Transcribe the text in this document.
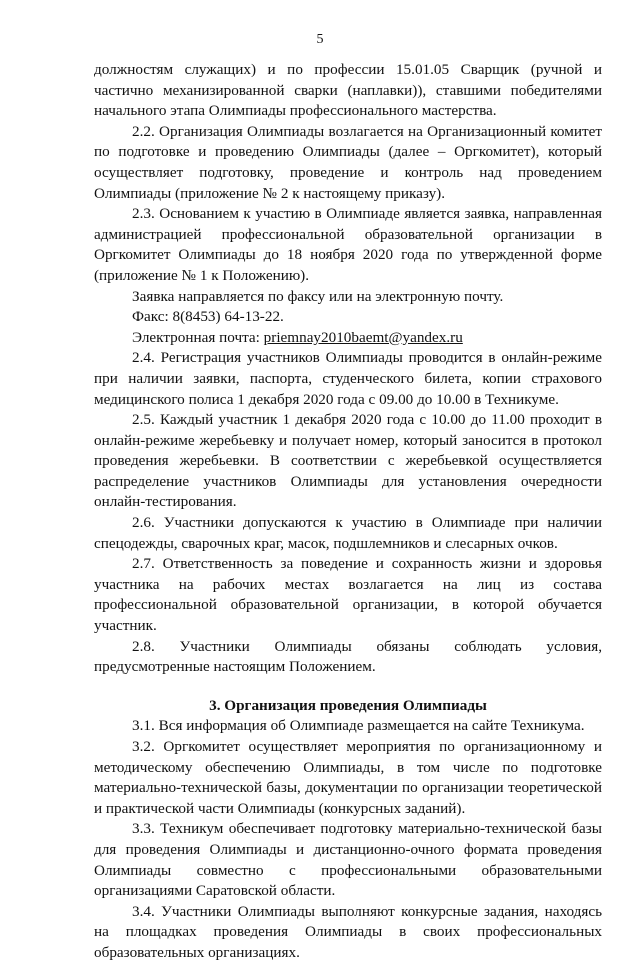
5

должностям служащих) и по профессии 15.01.05 Сварщик (ручной и частично механизированной сварки (наплавки)), ставшими победителями начального этапа Олимпиады профессионального мастерства.

2.2. Организация Олимпиады возлагается на Организационный комитет по подготовке и проведению Олимпиады (далее – Оргкомитет), который осуществляет подготовку, проведение и контроль над проведением Олимпиады (приложение № 2 к настоящему приказу).

2.3. Основанием к участию в Олимпиаде является заявка, направленная администрацией профессиональной образовательной организации в Оргкомитет Олимпиады до 18 ноября 2020 года по утвержденной форме (приложение № 1 к Положению).

Заявка направляется по факсу или на электронную почту.

Факс: 8(8453) 64-13-22.

Электронная почта: priemnay2010baemt@yandex.ru

2.4. Регистрация участников Олимпиады проводится в онлайн-режиме при наличии заявки, паспорта, студенческого билета, копии страхового медицинского полиса 1 декабря 2020 года с 09.00 до 10.00 в Техникуме.

2.5. Каждый участник 1 декабря 2020 года с 10.00 до 11.00 проходит в онлайн-режиме жеребьевку и получает номер, который заносится в протокол проведения жеребьевки. В соответствии с жеребьевкой осуществляется распределение участников Олимпиады для установления очередности онлайн-тестирования.

2.6. Участники допускаются к участию в Олимпиаде при наличии спецодежды, сварочных краг, масок, подшлемников и слесарных очков.

2.7. Ответственность за поведение и сохранность жизни и здоровья участника на рабочих местах возлагается на лиц из состава профессиональной образовательной организации, в которой обучается участник.

2.8. Участники Олимпиады обязаны соблюдать условия, предусмотренные настоящим Положением.

3. Организация проведения Олимпиады

3.1. Вся информация об Олимпиаде размещается на сайте Техникума.

3.2. Оргкомитет осуществляет мероприятия по организационному и методическому обеспечению Олимпиады, в том числе по подготовке материально-технической базы, документации по организации теоретической и практической части Олимпиады (конкурсных заданий).

3.3. Техникум обеспечивает подготовку материально-технической базы для проведения Олимпиады и дистанционно-очного формата проведения Олимпиады совместно с профессиональными образовательными организациями Саратовской области.

3.4. Участники Олимпиады выполняют конкурсные задания, находясь на площадках проведения Олимпиады в своих профессиональных образовательных организациях.
